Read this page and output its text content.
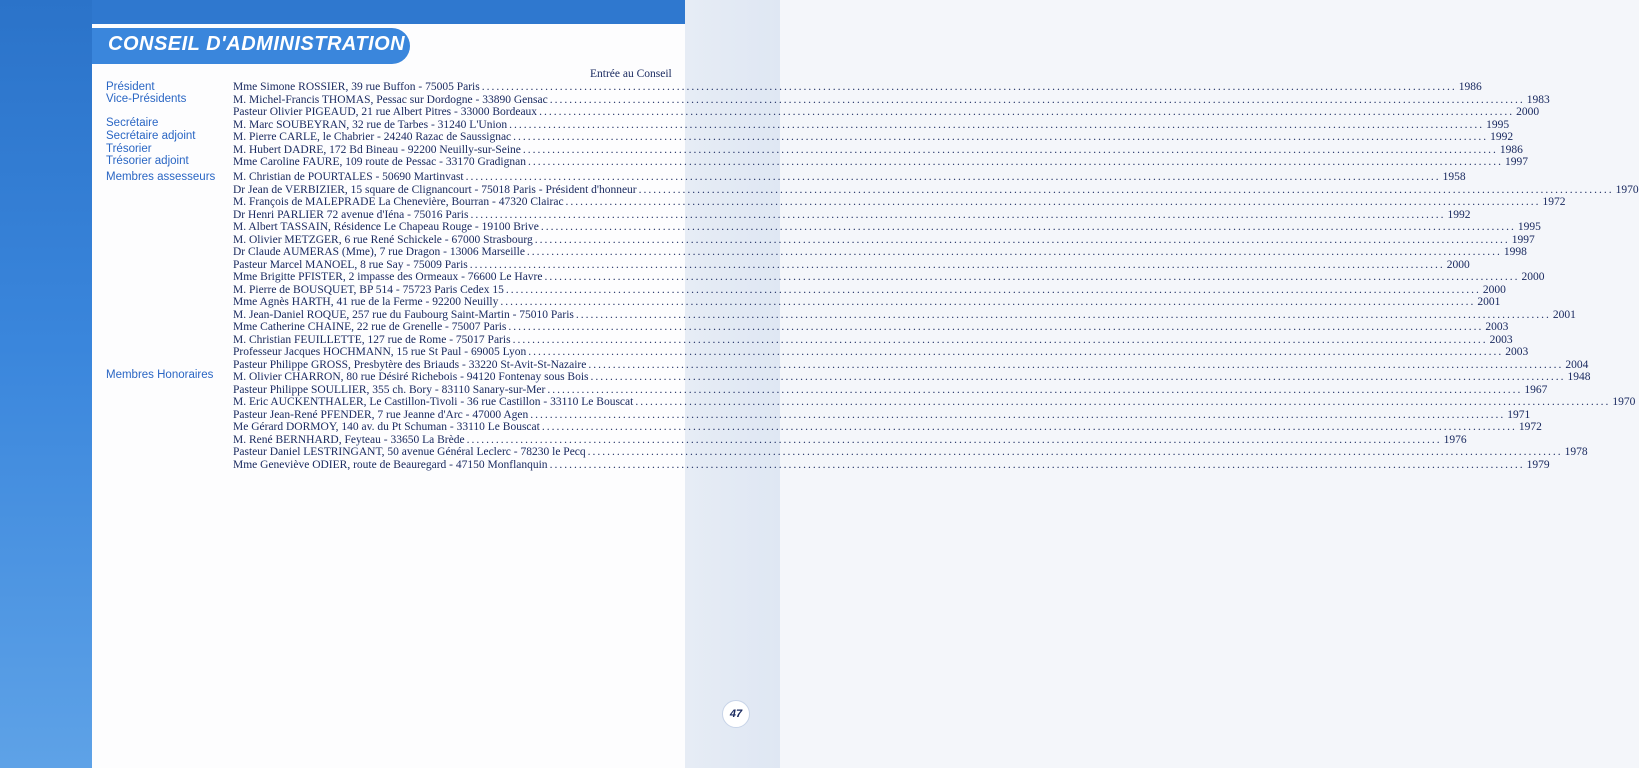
CONSEIL D'ADMINISTRATION
Entrée au Conseil
Président
Vice-Présidents
Secrétaire
Secrétaire adjoint
Trésorier
Trésorier adjoint
Membres assesseurs
Membres Honoraires
Mme Simone ROSSIER, 39 rue Buffon - 75005 Paris ........................................................................................................................................................................................................ 1986
M. Michel-Francis THOMAS, Pessac sur Dordogne - 33890 Gensac ........................................................................................................................................................................................................ 1983
Pasteur Olivier PIGEAUD, 21 rue Albert Pitres - 33000 Bordeaux ........................................................................................................................................................................................................ 2000
M. Marc SOUBEYRAN, 32 rue de Tarbes - 31240 L'Union ........................................................................................................................................................................................................ 1995
M. Pierre CARLE, le Chabrier - 24240 Razac de Saussignac ........................................................................................................................................................................................................ 1992
M. Hubert DADRE, 172 Bd Bineau - 92200 Neuilly-sur-Seine ........................................................................................................................................................................................................ 1986
Mme Caroline FAURE, 109 route de Pessac - 33170 Gradignan ........................................................................................................................................................................................................ 1997
M. Christian de POURTALES - 50690 Martinvast ........................................................................................................................................................................................................ 1958
Dr Jean de VERBIZIER, 15 square de Clignancourt - 75018 Paris - Président d'honneur ........................................................................................................................................................................................................ 1970
M. François de MALEPRADE La Chenevière, Bourran - 47320 Clairac ........................................................................................................................................................................................................ 1972
Dr Henri PARLIER 72 avenue d'Iéna - 75016 Paris ........................................................................................................................................................................................................ 1992
M. Albert TASSAIN, Résidence Le Chapeau Rouge - 19100 Brive ........................................................................................................................................................................................................ 1995
M. Olivier METZGER, 6 rue René Schickele - 67000 Strasbourg ........................................................................................................................................................................................................ 1997
Dr Claude AUMERAS (Mme), 7 rue Dragon - 13006 Marseille ........................................................................................................................................................................................................ 1998
Pasteur Marcel MANOEL, 8 rue Say - 75009 Paris ........................................................................................................................................................................................................ 2000
Mme Brigitte PFISTER, 2 impasse des Ormeaux - 76600 Le Havre ........................................................................................................................................................................................................ 2000
M. Pierre de BOUSQUET, BP 514 - 75723 Paris Cedex 15 ........................................................................................................................................................................................................ 2000
Mme Agnès HARTH, 41 rue de la Ferme - 92200 Neuilly ........................................................................................................................................................................................................ 2001
M. Jean-Daniel ROQUE, 257 rue du Faubourg Saint-Martin - 75010 Paris ........................................................................................................................................................................................................ 2001
Mme Catherine CHAINE, 22 rue de Grenelle - 75007 Paris ........................................................................................................................................................................................................ 2003
M. Christian FEUILLETTE, 127 rue de Rome - 75017 Paris ........................................................................................................................................................................................................ 2003
Professeur Jacques HOCHMANN, 15 rue St Paul - 69005 Lyon ........................................................................................................................................................................................................ 2003
Pasteur Philippe GROSS, Presbytère des Briauds - 33220 St-Avit-St-Nazaire ........................................................................................................................................................................................................ 2004
M. Olivier CHARRON, 80 rue Désiré Richebois - 94120 Fontenay sous Bois ........................................................................................................................................................................................................ 1948
Pasteur Philippe SOULLIER, 355 ch. Bory - 83110 Sanary-sur-Mer ........................................................................................................................................................................................................ 1967
M. Eric AUCKENTHALER, Le Castillon-Tivoli - 36 rue Castillon - 33110 Le Bouscat ........................................................................................................................................................................................................ 1970
Pasteur Jean-René PFENDER, 7 rue Jeanne d'Arc - 47000 Agen ........................................................................................................................................................................................................ 1971
Me Gérard DORMOY, 140 av. du Pt Schuman - 33110 Le Bouscat ........................................................................................................................................................................................................ 1972
M. René BERNHARD, Feyteau - 33650 La Brède ........................................................................................................................................................................................................ 1976
Pasteur Daniel LESTRINGANT, 50 avenue Général Leclerc - 78230 le Pecq ........................................................................................................................................................................................................ 1978
Mme Geneviève ODIER, route de Beauregard - 47150 Monflanquin ........................................................................................................................................................................................................ 1979
47
